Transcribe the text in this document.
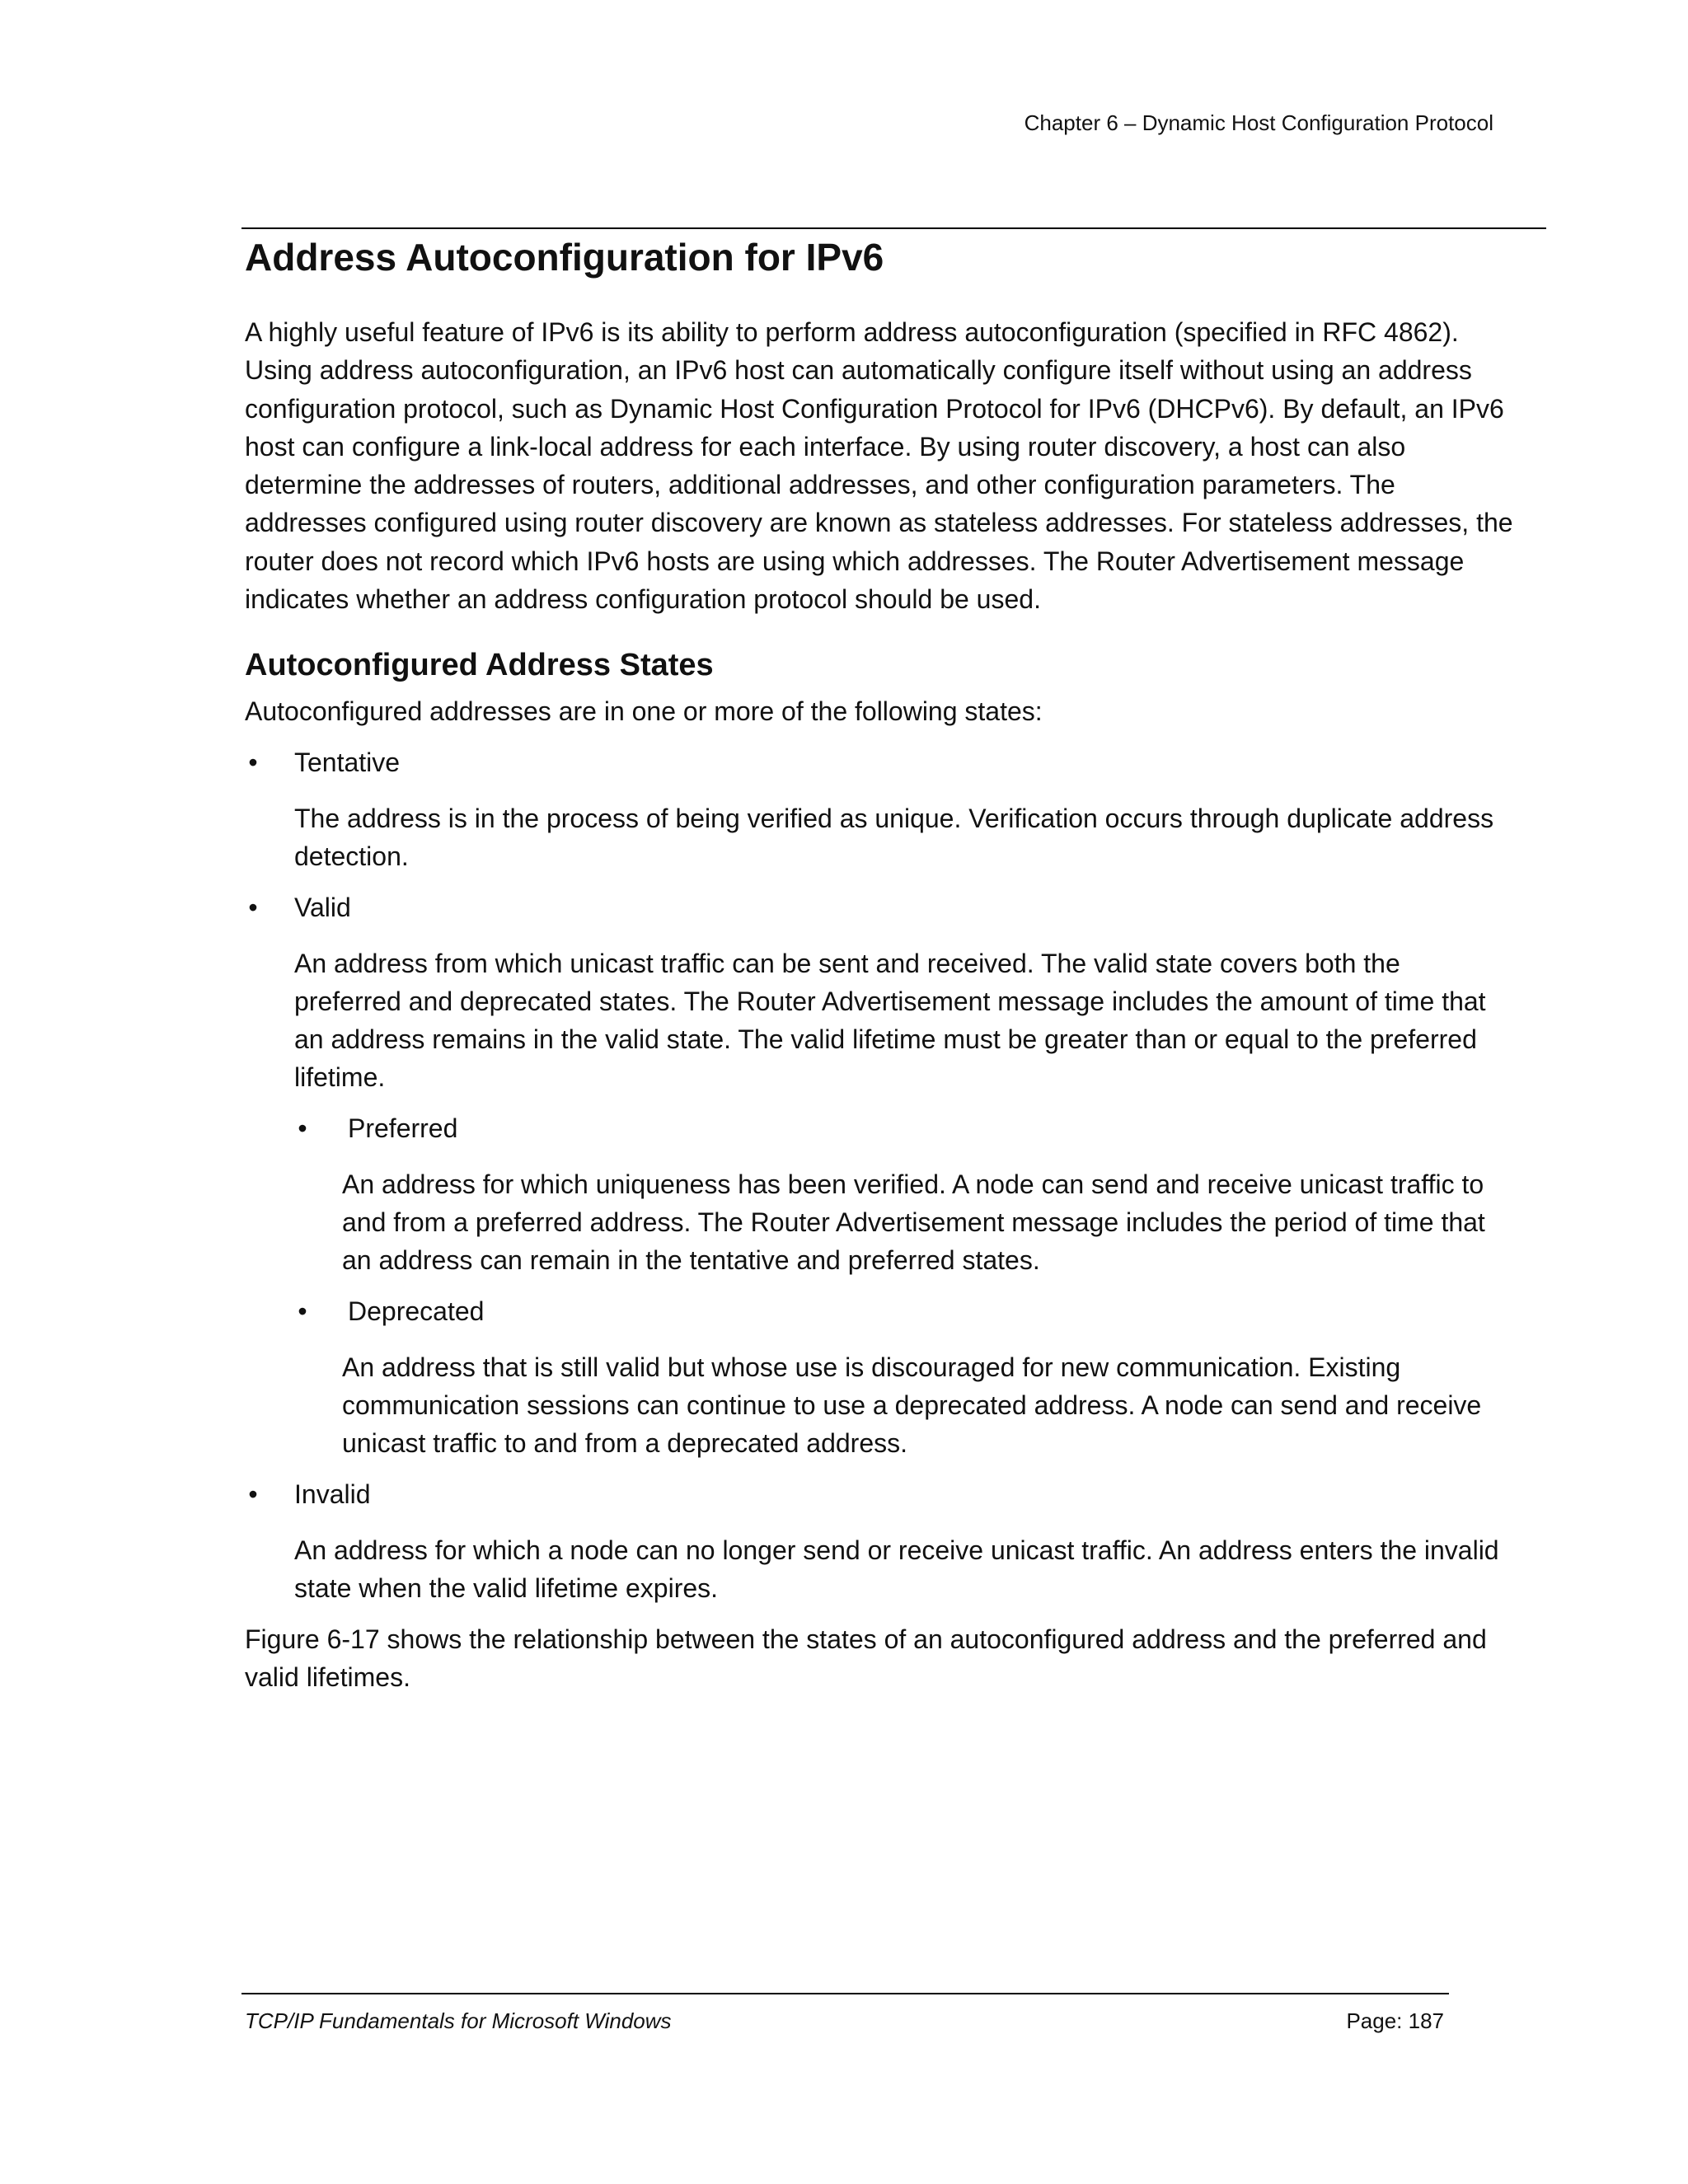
Chapter 6 – Dynamic Host Configuration Protocol
Address Autoconfiguration for IPv6

A highly useful feature of IPv6 is its ability to perform address autoconfiguration (specified in RFC 4862). Using address autoconfiguration, an IPv6 host can automatically configure itself without using an address configuration protocol, such as Dynamic Host Configuration Protocol for IPv6 (DHCPv6). By default, an IPv6 host can configure a link-local address for each interface. By using router discovery, a host can also determine the addresses of routers, additional addresses, and other configuration parameters. The addresses configured using router discovery are known as stateless addresses. For stateless addresses, the router does not record which IPv6 hosts are using which addresses. The Router Advertisement message indicates whether an address configuration protocol should be used.

Autoconfigured Address States

Autoconfigured addresses are in one or more of the following states:

• Tentative
The address is in the process of being verified as unique. Verification occurs through duplicate address detection.
• Valid
An address from which unicast traffic can be sent and received. The valid state covers both the preferred and deprecated states. The Router Advertisement message includes the amount of time that an address remains in the valid state. The valid lifetime must be greater than or equal to the preferred lifetime.
• Preferred
An address for which uniqueness has been verified. A node can send and receive unicast traffic to and from a preferred address. The Router Advertisement message includes the period of time that an address can remain in the tentative and preferred states.
• Deprecated
An address that is still valid but whose use is discouraged for new communication. Existing communication sessions can continue to use a deprecated address. A node can send and receive unicast traffic to and from a deprecated address.
• Invalid
An address for which a node can no longer send or receive unicast traffic. An address enters the invalid state when the valid lifetime expires.

Figure 6-17 shows the relationship between the states of an autoconfigured address and the preferred and valid lifetimes.

TCP/IP Fundamentals for Microsoft Windows	Page: 187
